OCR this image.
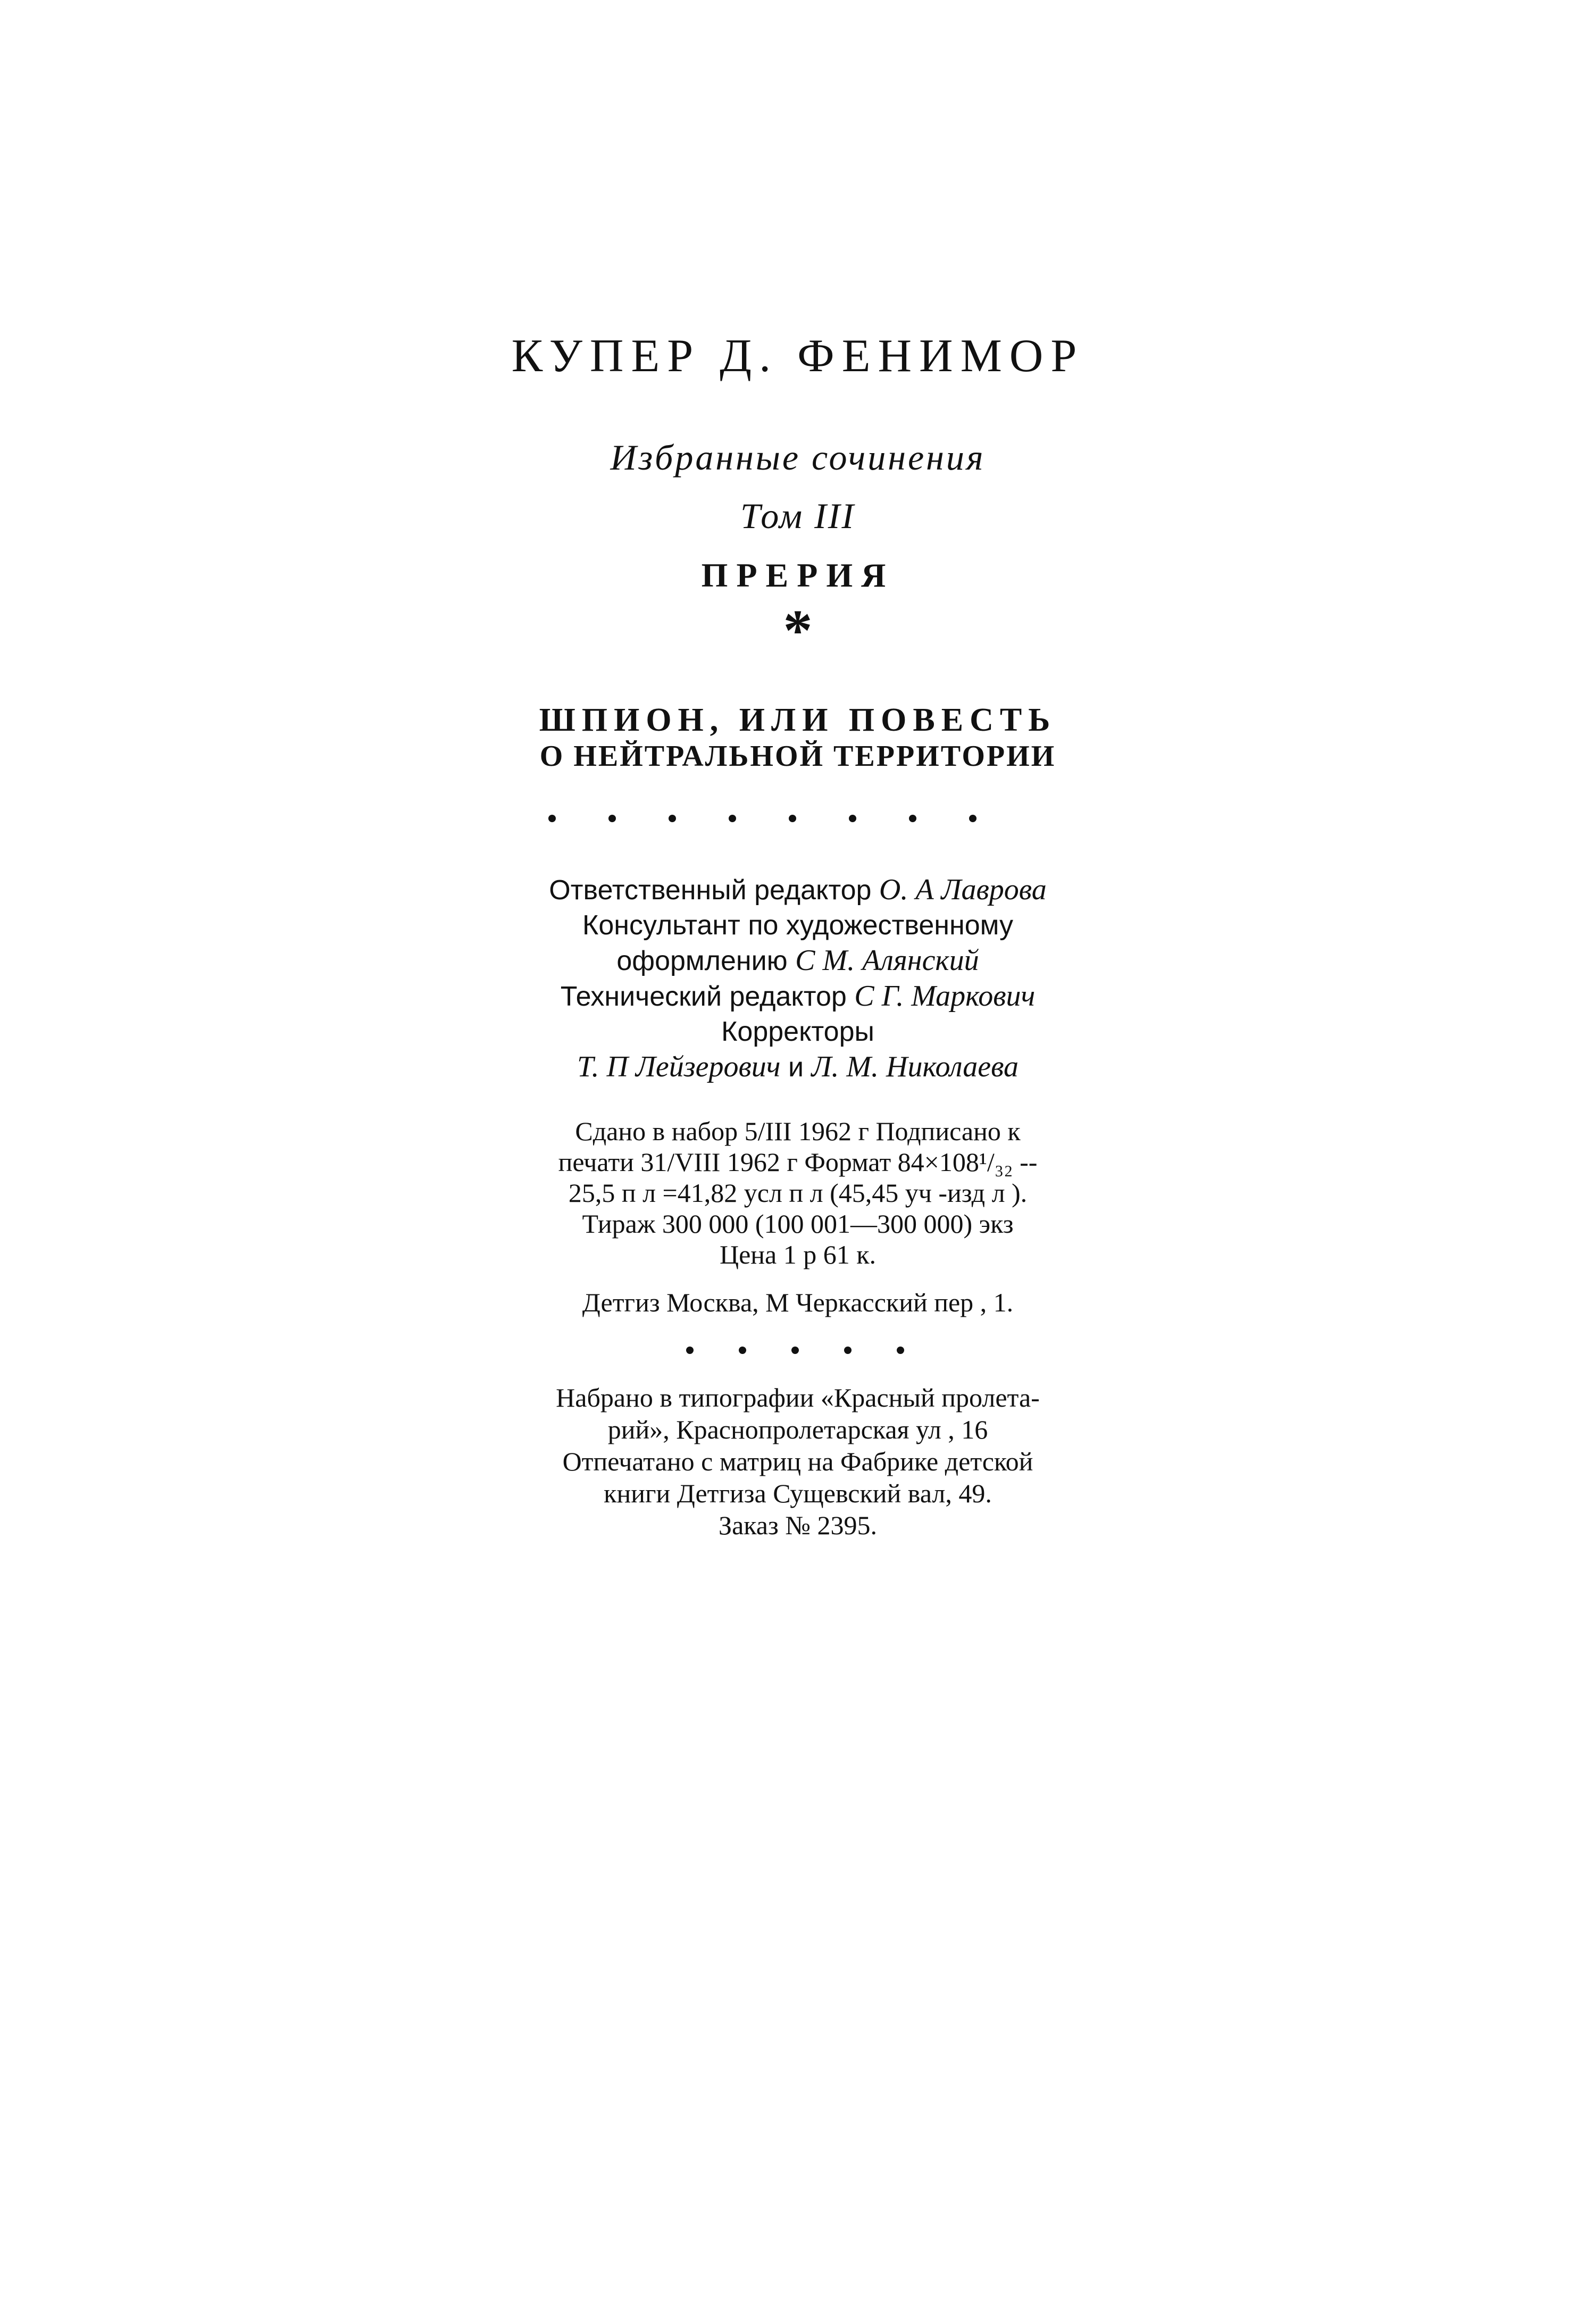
КУПЕР Д. ФЕНИМОР
Избранные сочинения
Том III
ПРЕРИЯ
*
ШПИОН, ИЛИ ПОВЕСТЬ
О НЕЙТРАЛЬНОЙ ТЕРРИТОРИИ
Ответственный редактор О. А Лаврова
Консультант по художественному
оформлению С М. Алянский
Технический редактор С Г. Маркович
Корректоры
Т. П Лейзерович и Л. М. Николаева
Сдано в набор 5/III 1962 г Подписано к
печати 31/VIII 1962 г Формат 84×108¹/₃₂ --
25,5 п л =41,82 усл п л (45,45 уч -изд л ).
Тираж 300 000 (100 001—300 000) экз
Цена 1 р 61 к.
Детгиз Москва, М Черкасский пер , 1.
Набрано в типографии «Красный пролета-
рий», Краснопролетарская ул , 16
Отпечатано с матриц на Фабрике детской
книги Детгиза Сущевский вал, 49.
Заказ № 2395.
